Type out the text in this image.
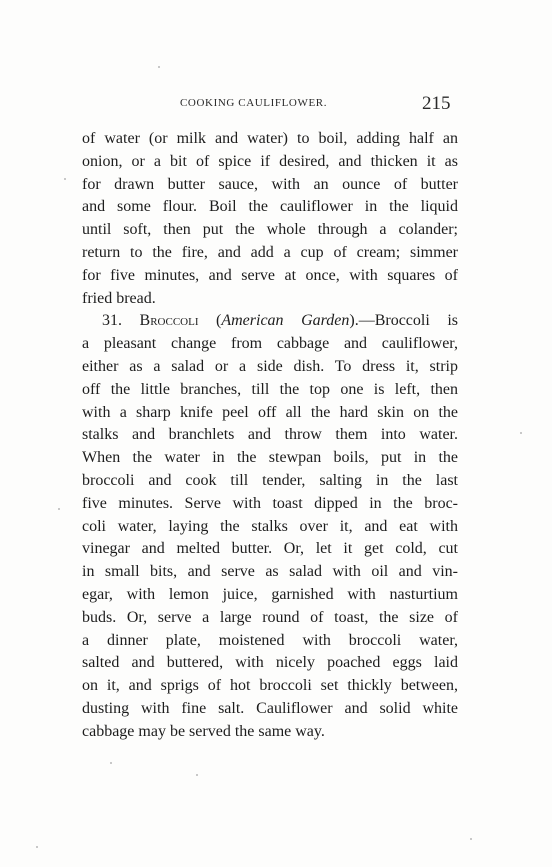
COOKING CAULIFLOWER.	215
of water (or milk and water) to boil, adding half an
onion, or a bit of spice if desired, and thicken it as
for drawn butter sauce, with an ounce of butter
and some flour. Boil the cauliflower in the liquid
until soft, then put the whole through a colander;
return to the fire, and add a cup of cream; simmer
for five minutes, and serve at once, with squares of
fried bread.
31. Broccoli (American Garden).—Broccoli is
a pleasant change from cabbage and cauliflower,
either as a salad or a side dish. To dress it, strip
off the little branches, till the top one is left, then
with a sharp knife peel off all the hard skin on the
stalks and branchlets and throw them into water.
When the water in the stewpan boils, put in the
broccoli and cook till tender, salting in the last
five minutes. Serve with toast dipped in the broc-
coli water, laying the stalks over it, and eat with
vinegar and melted butter. Or, let it get cold, cut
in small bits, and serve as salad with oil and vin-
egar, with lemon juice, garnished with nasturtium
buds. Or, serve a large round of toast, the size of
a dinner plate, moistened with broccoli water,
salted and buttered, with nicely poached eggs laid
on it, and sprigs of hot broccoli set thickly between,
dusting with fine salt. Cauliflower and solid white
cabbage may be served the same way.
